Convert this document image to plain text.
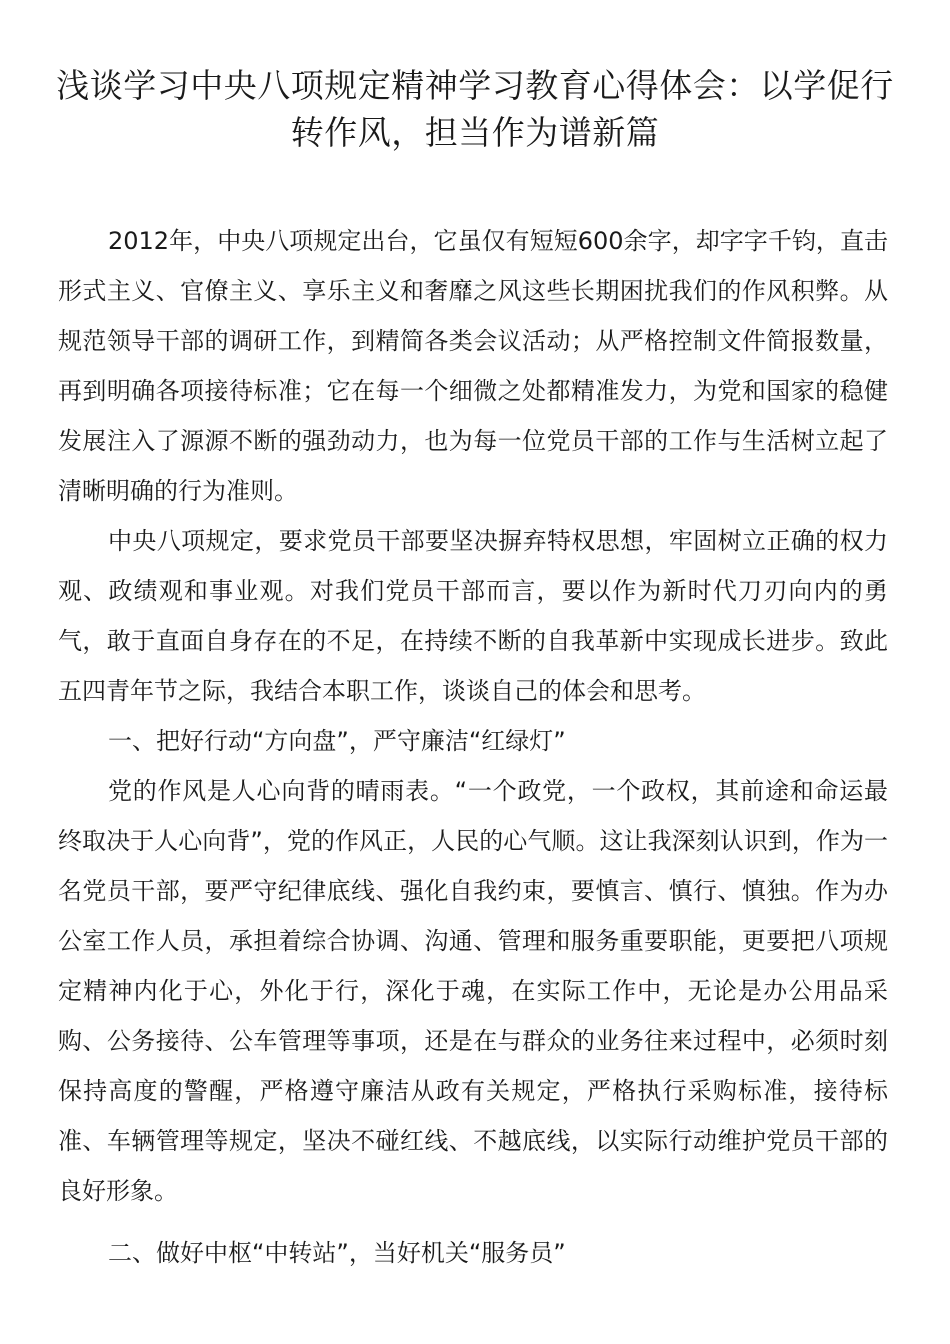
浅谈学习中央八项规定精神学习教育心得体会：以学促行转作风，担当作为谱新篇

2012年，中央八项规定出台，它虽仅有短短600余字，却字字千钧，直击形式主义、官僚主义、享乐主义和奢靡之风这些长期困扰我们的作风积弊。从规范领导干部的调研工作，到精简各类会议活动；从严格控制文件简报数量，再到明确各项接待标准；它在每一个细微之处都精准发力，为党和国家的稳健发展注入了源源不断的强劲动力，也为每一位党员干部的工作与生活树立起了清晰明确的行为准则。

中央八项规定，要求党员干部要坚决摒弃特权思想，牢固树立正确的权力观、政绩观和事业观。对我们党员干部而言，要以作为新时代刀刃向内的勇气，敢于直面自身存在的不足，在持续不断的自我革新中实现成长进步。致此五四青年节之际，我结合本职工作，谈谈自己的体会和思考。

一、把好行动“方向盘”，严守廉洁“红绿灯”

党的作风是人心向背的晴雨表。“一个政党，一个政权，其前途和命运最终取决于人心向背”，党的作风正，人民的心气顺。这让我深刻认识到，作为一名党员干部，要严守纪律底线、强化自我约束，要慎言、慎行、慎独。作为办公室工作人员，承担着综合协调、沟通、管理和服务重要职能，更要把八项规定精神内化于心，外化于行，深化于魂，在实际工作中，无论是办公用品采购、公务接待、公车管理等事项，还是在与群众的业务往来过程中，必须时刻保持高度的警醒，严格遵守廉洁从政有关规定，严格执行采购标准，接待标准、车辆管理等规定，坚决不碰红线、不越底线，以实际行动维护党员干部的良好形象。

二、做好中枢“中转站”，当好机关“服务员”
